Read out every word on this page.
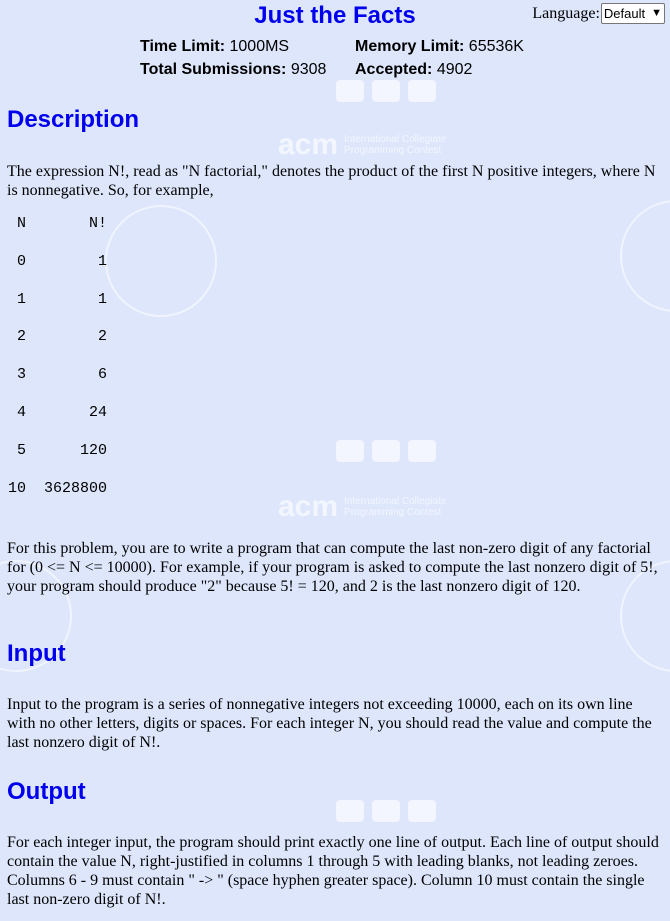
acm International Collegiate
Programming Contest
acm International Collegiate
Programming Contest
Just the Facts	Language: Default ▼
Time Limit: 1000MS
Total Submissions: 9308
Memory Limit: 65536K
Accepted: 4902
Description

The expression N!, read as "N factorial," denotes the product of the first N positive integers, where N is nonnegative. So, for example,

N       N!
0        1
1        1
2        2
3        6
4       24
5      120
10  3628800

For this problem, you are to write a program that can compute the last non-zero digit of any factorial for (0 <= N <= 10000). For example, if your program is asked to compute the last nonzero digit of 5!, your program should produce "2" because 5! = 120, and 2 is the last nonzero digit of 120.

Input

Input to the program is a series of nonnegative integers not exceeding 10000, each on its own line with no other letters, digits or spaces. For each integer N, you should read the value and compute the last nonzero digit of N!.

Output

For each integer input, the program should print exactly one line of output. Each line of output should contain the value N, right-justified in columns 1 through 5 with leading blanks, not leading zeroes. Columns 6 - 9 must contain " -> " (space hyphen greater space). Column 10 must contain the single last non-zero digit of N!.
